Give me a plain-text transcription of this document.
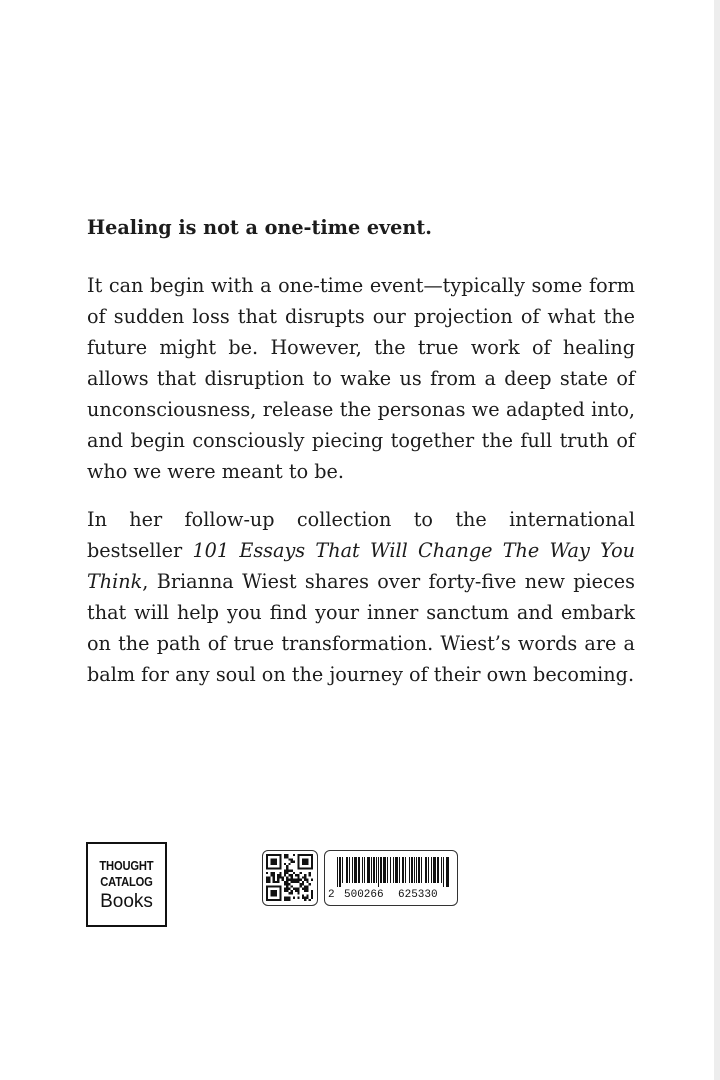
Healing is not a one-time event.
It can begin with a one-time event—typically some form of sudden loss that disrupts our projection of what the future might be. However, the true work of healing allows that disruption to wake us from a deep state of unconsciousness, release the personas we adapted into, and begin consciously piecing together the full truth of who we were meant to be.
In her follow-up collection to the international bestseller 101 Essays That Will Change The Way You Think, Brianna Wiest shares over forty-five new pieces that will help you find your inner sanctum and embark on the path of true transformation. Wiest’s words are a balm for any soul on the journey of their own becoming.
THOUGHT
CATALOG
Books	2 500266 625330
